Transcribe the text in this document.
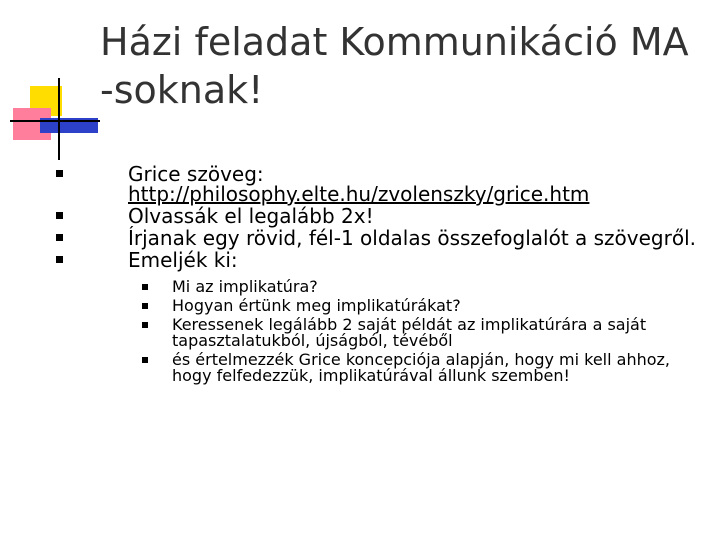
Házi feladat Kommunikáció MA -soknak!
Grice szöveg:
http://philosophy.elte.hu/zvolenszky/grice.htm
Olvassák el legalább 2x!
Írjanak egy rövid, fél-1 oldalas összefoglalót a szövegről.
Emeljék ki:
Mi az implikatúra?
Hogyan értünk meg implikatúrákat?
Keressenek legálább 2 saját példát az implikatúrára a saját tapasztalatukból, újságból, tévéből
és értelmezzék Grice koncepciója alapján, hogy mi kell ahhoz, hogy felfedezzük, implikatúrával állunk szemben!
